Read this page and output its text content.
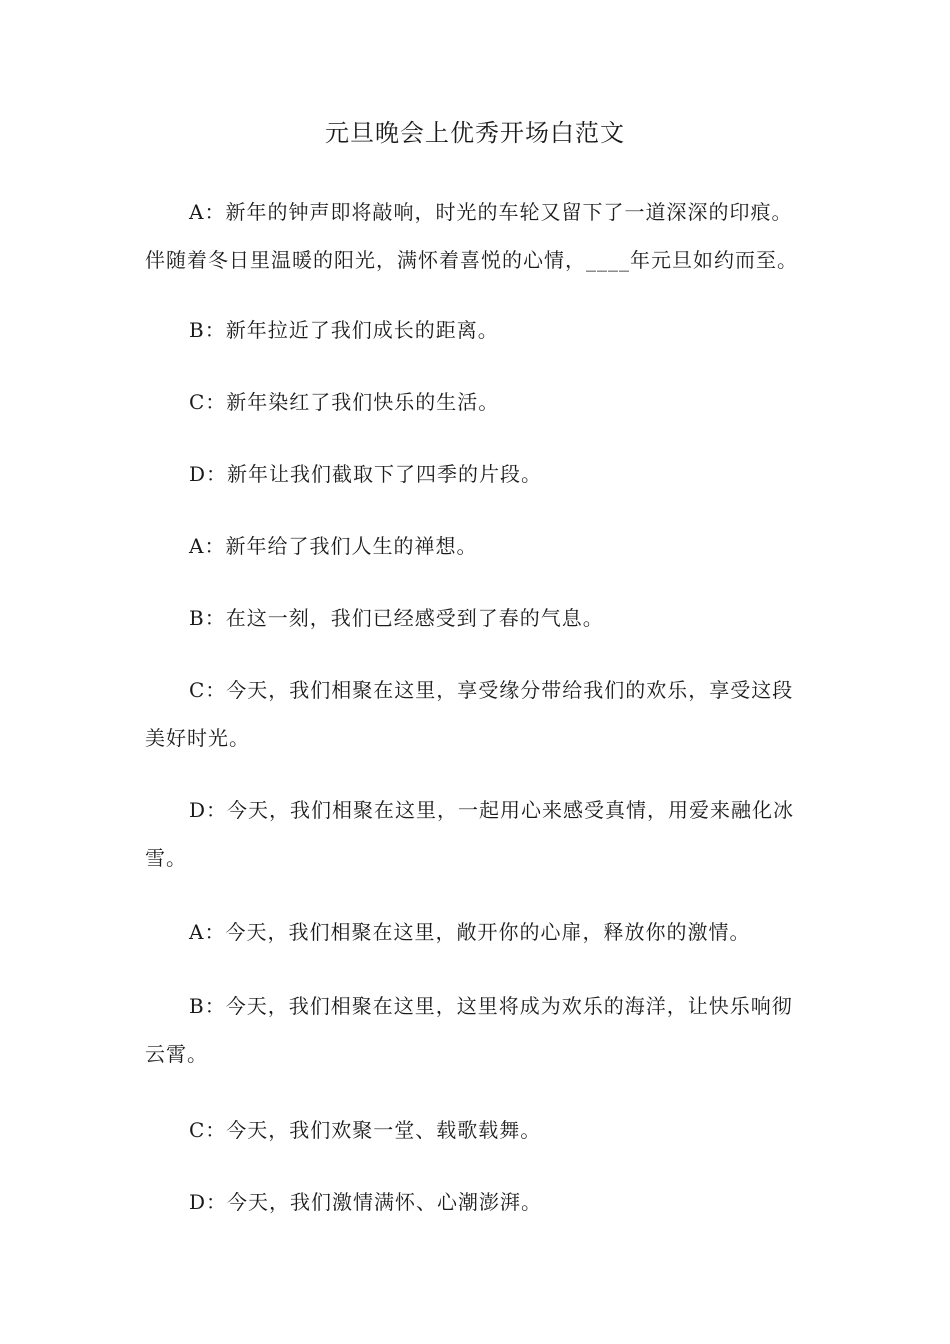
元旦晚会上优秀开场白范文
A：新年的钟声即将敲响，时光的车轮又留下了一道深深的印痕。伴随着冬日里温暖的阳光，满怀着喜悦的心情，____年元旦如约而至。
B：新年拉近了我们成长的距离。
C：新年染红了我们快乐的生活。
D：新年让我们截取下了四季的片段。
A：新年给了我们人生的禅想。
B：在这一刻，我们已经感受到了春的气息。
C：今天，我们相聚在这里，享受缘分带给我们的欢乐，享受这段美好时光。
D：今天，我们相聚在这里，一起用心来感受真情，用爱来融化冰雪。
A：今天，我们相聚在这里，敞开你的心扉，释放你的激情。
B：今天，我们相聚在这里，这里将成为欢乐的海洋，让快乐响彻云霄。
C：今天，我们欢聚一堂、载歌载舞。
D：今天，我们激情满怀、心潮澎湃。
